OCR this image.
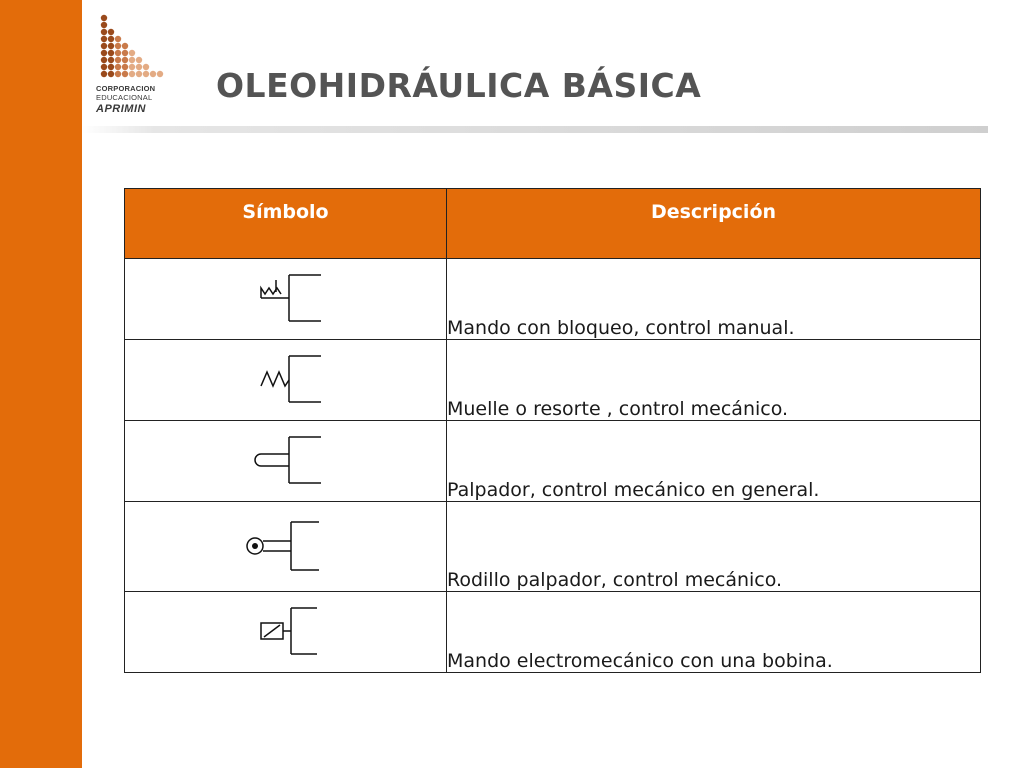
CORPORACION
EDUCACIONAL
APRIMIN
OLEOHIDRÁULICA BÁSICA
Símbolo	Descripción

	Mando con bloqueo, control manual.

	Muelle o resorte , control mecánico.

	Palpador, control mecánico en general.

	Rodillo palpador, control mecánico.

	Mando electromecánico con una bobina.
